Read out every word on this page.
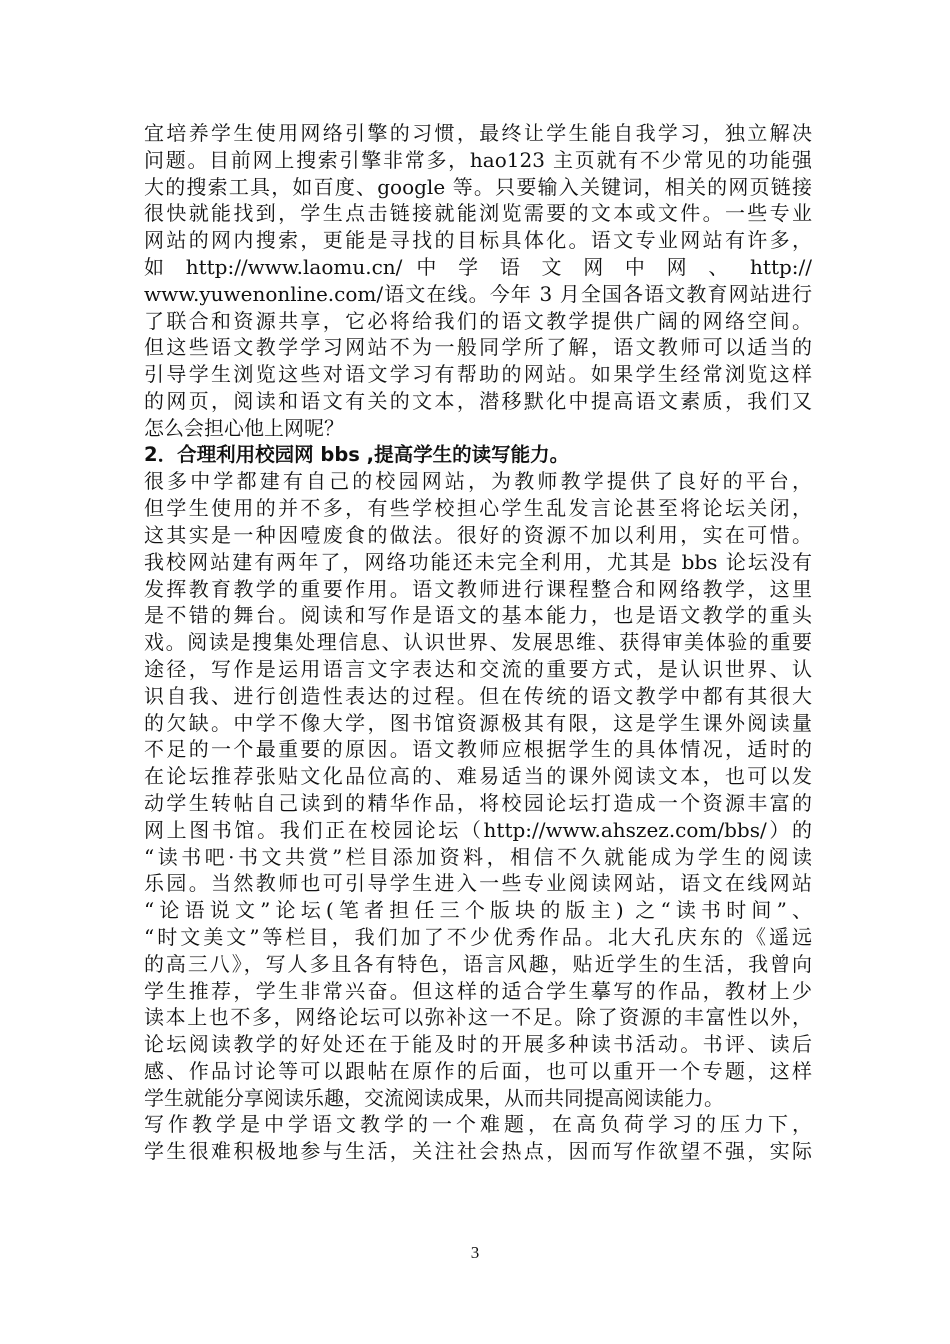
宜培养学生使用网络引擎的习惯，最终让学生能自我学习，独立解决
问题。目前网上搜索引擎非常多，hao123 主页就有不少常见的功能强
大的搜索工具，如百度、google 等。只要输入关键词，相关的网页链接
很快就能找到，学生点击链接就能浏览需要的文本或文件。一些专业
网站的网内搜索，更能是寻找的目标具体化。语文专业网站有许多，
如 http://www.laomu.cn/ 中 学 语 文 网 中 网 、 http://
www.yuwenonline.com/语文在线。今年 3 月全国各语文教育网站进行
了联合和资源共享，它必将给我们的语文教学提供广阔的网络空间。
但这些语文教学学习网站不为一般同学所了解，语文教师可以适当的
引导学生浏览这些对语文学习有帮助的网站。如果学生经常浏览这样
的网页，阅读和语文有关的文本，潜移默化中提高语文素质，我们又
怎么会担心他上网呢？
2．合理利用校园网 bbs ,提高学生的读写能力。
很多中学都建有自己的校园网站，为教师教学提供了良好的平台，
但学生使用的并不多，有些学校担心学生乱发言论甚至将论坛关闭，
这其实是一种因噎废食的做法。很好的资源不加以利用，实在可惜。
我校网站建有两年了，网络功能还未完全利用，尤其是 bbs 论坛没有
发挥教育教学的重要作用。语文教师进行课程整合和网络教学，这里
是不错的舞台。阅读和写作是语文的基本能力，也是语文教学的重头
戏。阅读是搜集处理信息、认识世界、发展思维、获得审美体验的重要
途径，写作是运用语言文字表达和交流的重要方式，是认识世界、认
识自我、进行创造性表达的过程。但在传统的语文教学中都有其很大
的欠缺。中学不像大学，图书馆资源极其有限，这是学生课外阅读量
不足的一个最重要的原因。语文教师应根据学生的具体情况，适时的
在论坛推荐张贴文化品位高的、难易适当的课外阅读文本，也可以发
动学生转帖自己读到的精华作品，将校园论坛打造成一个资源丰富的
网上图书馆。我们正在校园论坛（http://www.ahszez.com/bbs/）的
“读书吧·书文共赏”栏目添加资料，相信不久就能成为学生的阅读
乐园。当然教师也可引导学生进入一些专业阅读网站，语文在线网站
“论语说文”论坛(笔者担任三个版块的版主) 之“读书时间”、
“时文美文”等栏目，我们加了不少优秀作品。北大孔庆东的《遥远
的高三八》，写人多且各有特色，语言风趣，贴近学生的生活，我曾向
学生推荐，学生非常兴奋。但这样的适合学生摹写的作品，教材上少
读本上也不多，网络论坛可以弥补这一不足。除了资源的丰富性以外，
论坛阅读教学的好处还在于能及时的开展多种读书活动。书评、读后
感、作品讨论等可以跟帖在原作的后面，也可以重开一个专题，这样
学生就能分享阅读乐趣，交流阅读成果，从而共同提高阅读能力。
写作教学是中学语文教学的一个难题，在高负荷学习的压力下，
学生很难积极地参与生活，关注社会热点，因而写作欲望不强，实际
3
